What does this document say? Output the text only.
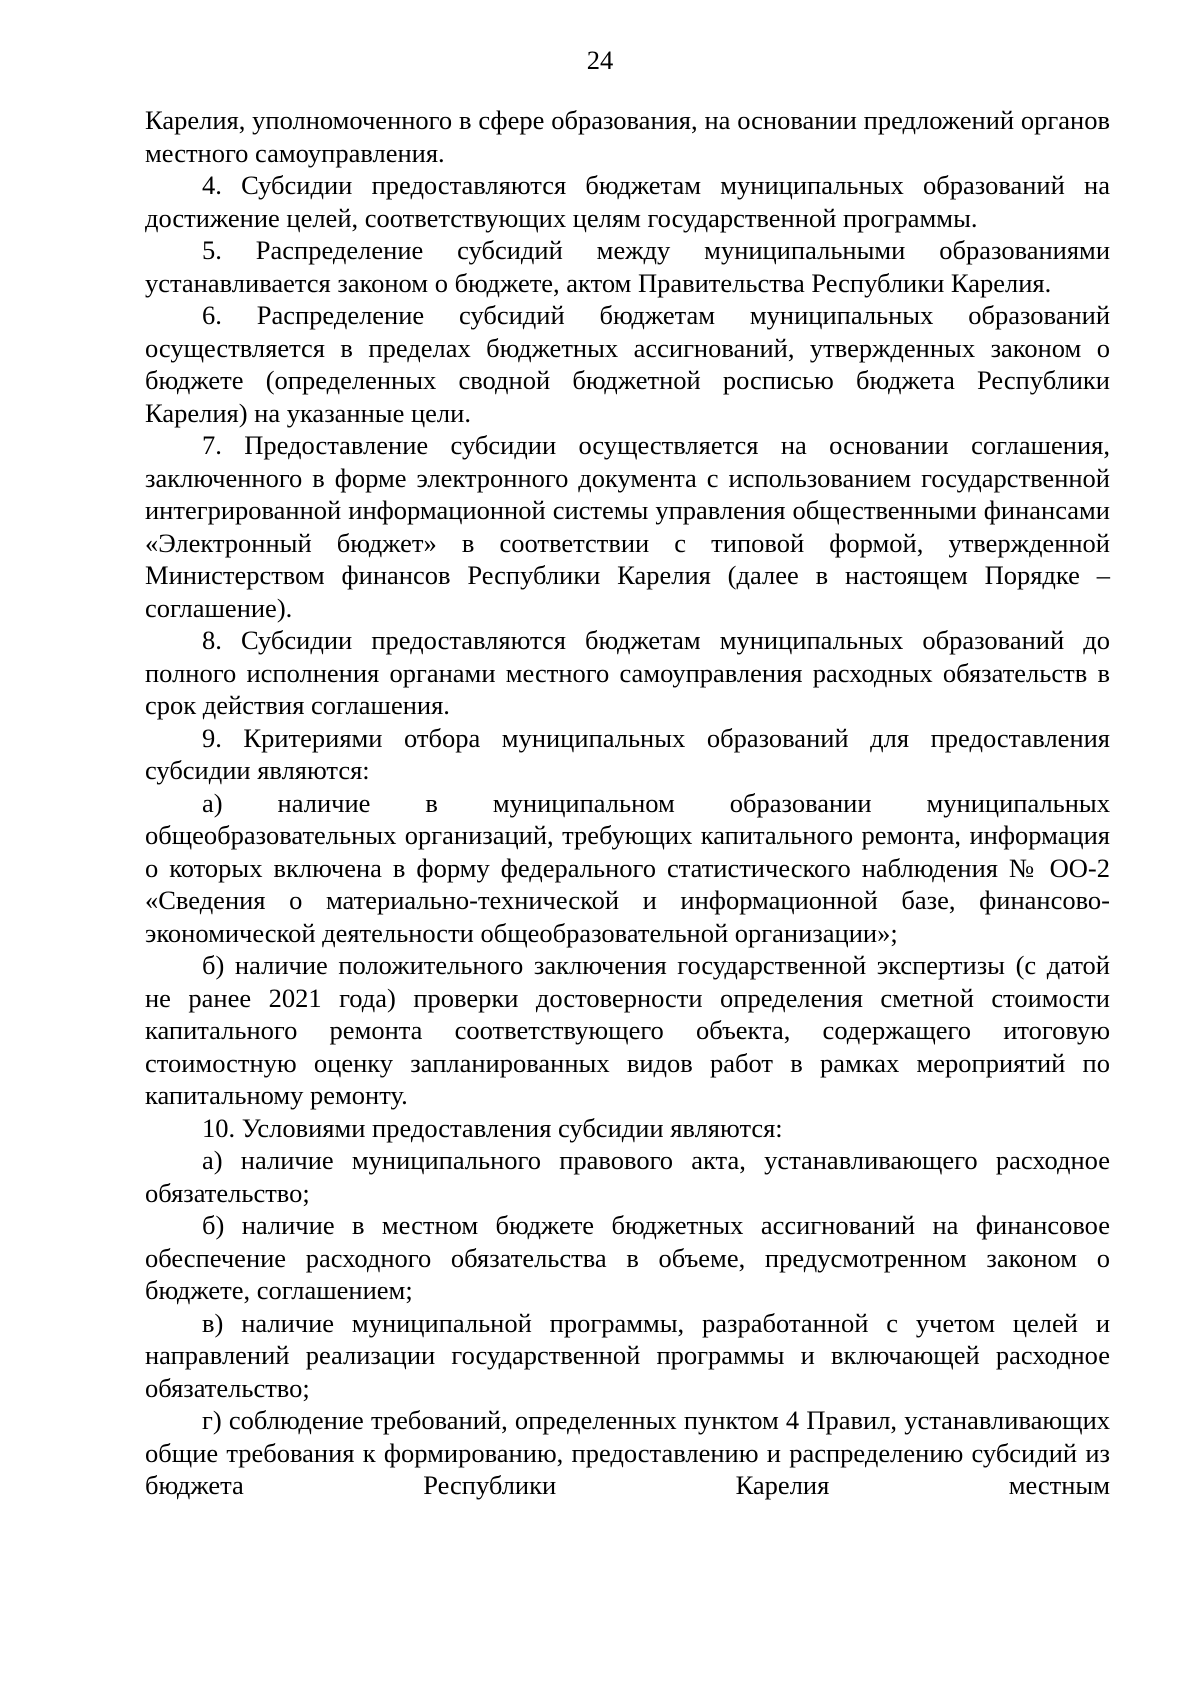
24

Карелия, уполномоченного в сфере образования, на основании предложений органов местного самоуправления.

4. Субсидии предоставляются бюджетам муниципальных образований на достижение целей, соответствующих целям государственной программы.

5. Распределение субсидий между муниципальными образованиями устанавливается законом о бюджете, актом Правительства Республики Карелия.

6. Распределение субсидий бюджетам муниципальных образований осуществляется в пределах бюджетных ассигнований, утвержденных законом о бюджете (определенных сводной бюджетной росписью бюджета Республики Карелия) на указанные цели.

7. Предоставление субсидии осуществляется на основании соглашения, заключенного в форме электронного документа с использованием государственной интегрированной информационной системы управления общественными финансами «Электронный бюджет» в соответствии с типовой формой, утвержденной Министерством финансов Республики Карелия (далее в настоящем Порядке – соглашение).

8. Субсидии предоставляются бюджетам муниципальных образований до полного исполнения органами местного самоуправления расходных обязательств в срок действия соглашения.

9. Критериями отбора муниципальных образований для предоставления субсидии являются:

а) наличие в муниципальном образовании муниципальных общеобразовательных организаций, требующих капитального ремонта, информация о которых включена в форму федерального статистического наблюдения № ОО-2 «Сведения о материально-технической и информационной базе, финансово-экономической деятельности общеобразовательной организации»;

б) наличие положительного заключения государственной экспертизы (с датой не ранее 2021 года) проверки достоверности определения сметной стоимости капитального ремонта соответствующего объекта, содержащего итоговую стоимостную оценку запланированных видов работ в рамках мероприятий по капитальному ремонту.

10. Условиями предоставления субсидии являются:

а) наличие муниципального правового акта, устанавливающего расходное обязательство;

б) наличие в местном бюджете бюджетных ассигнований на финансовое обеспечение расходного обязательства в объеме, предусмотренном законом о бюджете, соглашением;

в) наличие муниципальной программы, разработанной с учетом целей и направлений реализации государственной программы и включающей расходное обязательство;

г) соблюдение требований, определенных пунктом 4 Правил, устанавливающих общие требования к формированию, предоставлению и распределению субсидий из бюджета Республики Карелия местным
